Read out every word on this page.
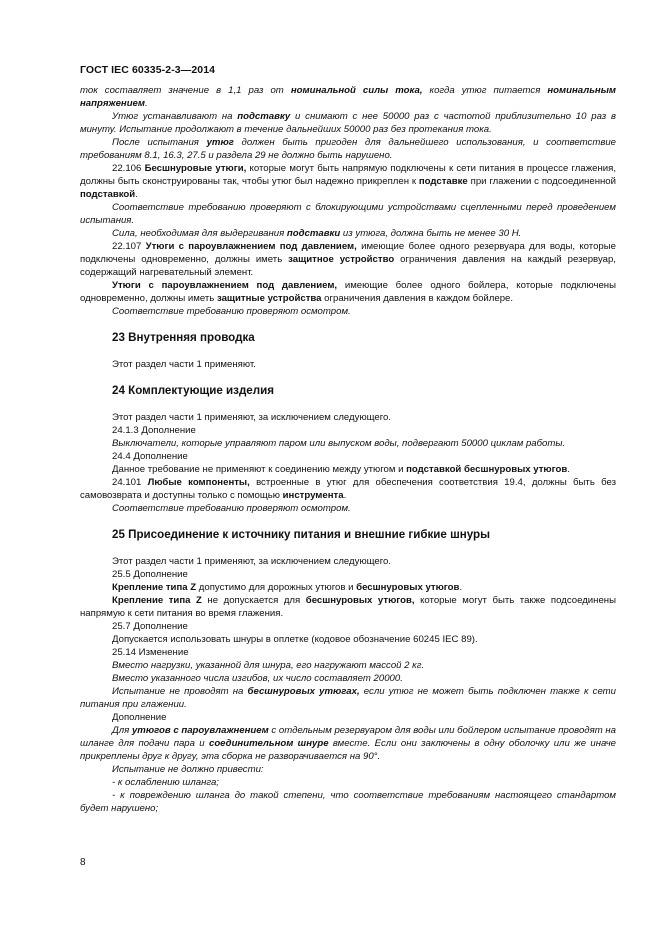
ГОСТ IEC 60335-2-3—2014

ток составляет значение в 1,1 раз от номинальной силы тока, когда утюг питается номинальным напряжением.

Утюг устанавливают на подставку и снимают с нее 50000 раз с частотой приблизительно 10 раз в минуту. Испытание продолжают в течение дальнейших 50000 раз без протекания тока.

После испытания утюг должен быть пригоден для дальнейшего использования, и соответствие требованиям 8.1, 16.3, 27.5 и раздела 29 не должно быть нарушено.

22.106 Бесшнуровые утюги, которые могут быть напрямую подключены к сети питания в процессе глажения, должны быть сконструированы так, чтобы утюг был надежно прикреплен к подставке при глажении с подсоединенной подставкой.

Соответствие требованию проверяют с блокирующими устройствами сцепленными перед проведением испытания.

Сила, необходимая для выдергивания подставки из утюга, должна быть не менее 30 Н.

22.107 Утюги с пароувлажнением под давлением, имеющие более одного резервуара для воды, которые подключены одновременно, должны иметь защитное устройство ограничения давления на каждый резервуар, содержащий нагревательный элемент.

Утюги с пароувлажнением под давлением, имеющие более одного бойлера, которые подключены одновременно, должны иметь защитные устройства ограничения давления в каждом бойлере.

Соответствие требованию проверяют осмотром.

23 Внутренняя проводка

Этот раздел части 1 применяют.

24 Комплектующие изделия

Этот раздел части 1 применяют, за исключением следующего.

24.1.3 Дополнение

Выключатели, которые управляют паром или выпуском воды, подвергают 50000 циклам работы.

24.4 Дополнение

Данное требование не применяют к соединению между утюгом и подставкой бесшнуровых утюгов.

24.101 Любые компоненты, встроенные в утюг для обеспечения соответствия 19.4, должны быть без самовозврата и доступны только с помощью инструмента.

Соответствие требованию проверяют осмотром.

25 Присоединение к источнику питания и внешние гибкие шнуры

Этот раздел части 1 применяют, за исключением следующего.

25.5 Дополнение

Крепление типа Z допустимо для дорожных утюгов и бесшнуровых утюгов.

Крепление типа Z не допускается для бесшнуровых утюгов, которые могут быть также подсоединены напрямую к сети питания во время глажения.

25.7 Дополнение

Допускается использовать шнуры в оплетке (кодовое обозначение 60245 IEC 89).

25.14 Изменение

Вместо нагрузки, указанной для шнура, его нагружают массой 2 кг.

Вместо указанного числа изгибов, их число составляет 20000.

Испытание не проводят на бесшнуровых утюгах, если утюг не может быть подключен также к сети питания при глажении.

Дополнение

Для утюгов с пароувлажнением с отдельным резервуаром для воды или бойлером испытание проводят на шланге для подачи пара и соединительном шнуре вместе. Если они заключены в одну оболочку или же иначе прикреплены друг к другу, эта сборка не разворачивается на 90°.

Испытание не должно привести:

- к ослаблению шланга;

- к повреждению шланга до такой степени, что соответствие требованиям настоящего стандартом будет нарушено;

8
